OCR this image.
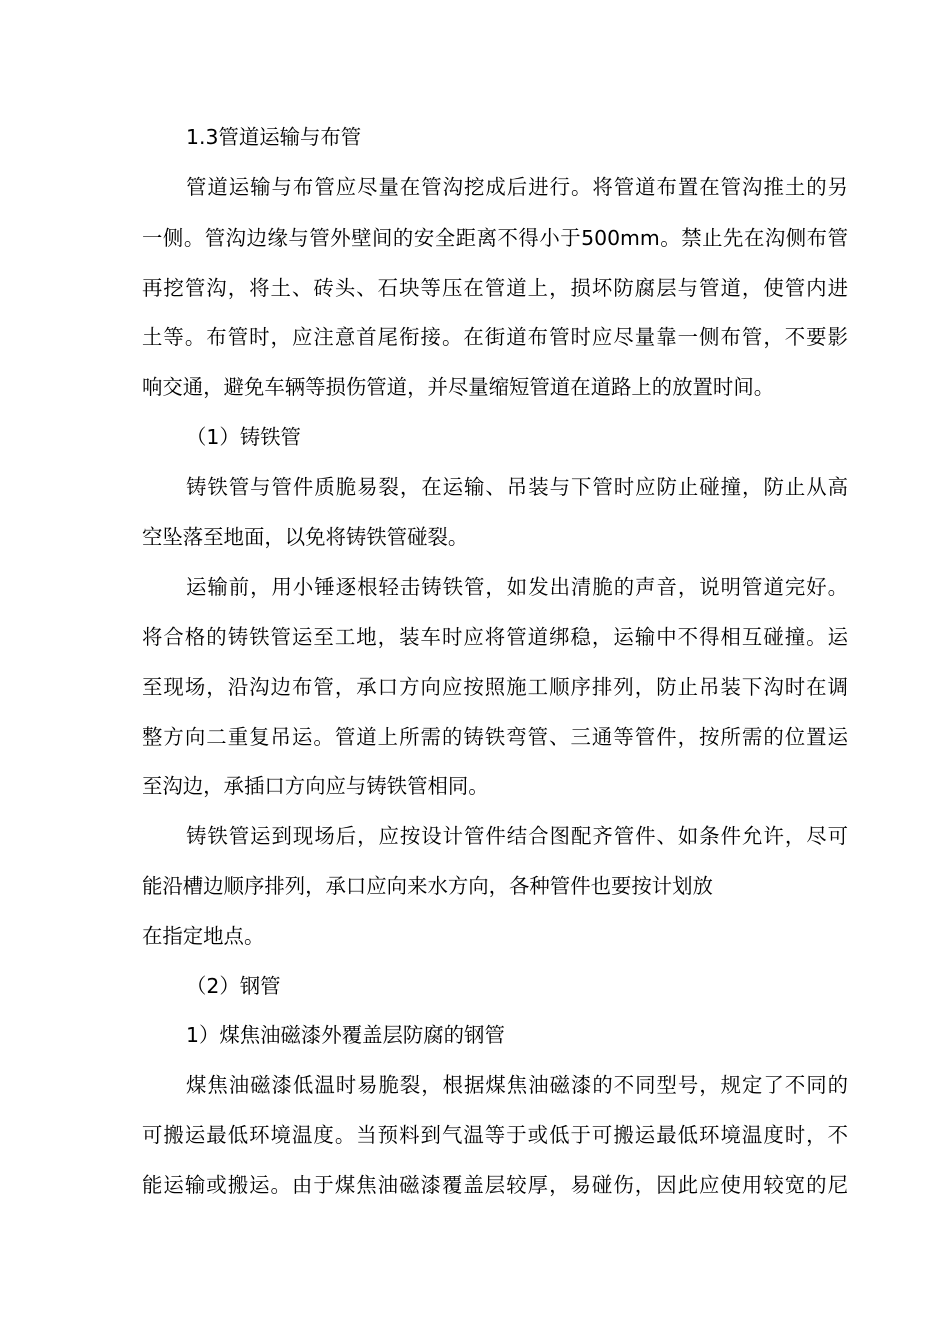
1.3管道运输与布管
管道运输与布管应尽量在管沟挖成后进行。将管道布置在管沟推土的另
一侧。管沟边缘与管外壁间的安全距离不得小于500mm。禁止先在沟侧布管
再挖管沟，将土、砖头、石块等压在管道上，损坏防腐层与管道，使管内进
土等。布管时，应注意首尾衔接。在街道布管时应尽量靠一侧布管，不要影
响交通，避免车辆等损伤管道，并尽量缩短管道在道路上的放置时间。
（1）铸铁管
铸铁管与管件质脆易裂，在运输、吊装与下管时应防止碰撞，防止从高
空坠落至地面，以免将铸铁管碰裂。
运输前，用小锤逐根轻击铸铁管，如发出清脆的声音，说明管道完好。
将合格的铸铁管运至工地，装车时应将管道绑稳，运输中不得相互碰撞。运
至现场，沿沟边布管，承口方向应按照施工顺序排列，防止吊装下沟时在调
整方向二重复吊运。管道上所需的铸铁弯管、三通等管件，按所需的位置运
至沟边，承插口方向应与铸铁管相同。
铸铁管运到现场后，应按设计管件结合图配齐管件、如条件允许，尽可
能沿槽边顺序排列，承口应向来水方向，各种管件也要按计划放
在指定地点。
（2）钢管
1）煤焦油磁漆外覆盖层防腐的钢管
煤焦油磁漆低温时易脆裂，根据煤焦油磁漆的不同型号，规定了不同的
可搬运最低环境温度。当预料到气温等于或低于可搬运最低环境温度时，不
能运输或搬运。由于煤焦油磁漆覆盖层较厚，易碰伤，因此应使用较宽的尼
